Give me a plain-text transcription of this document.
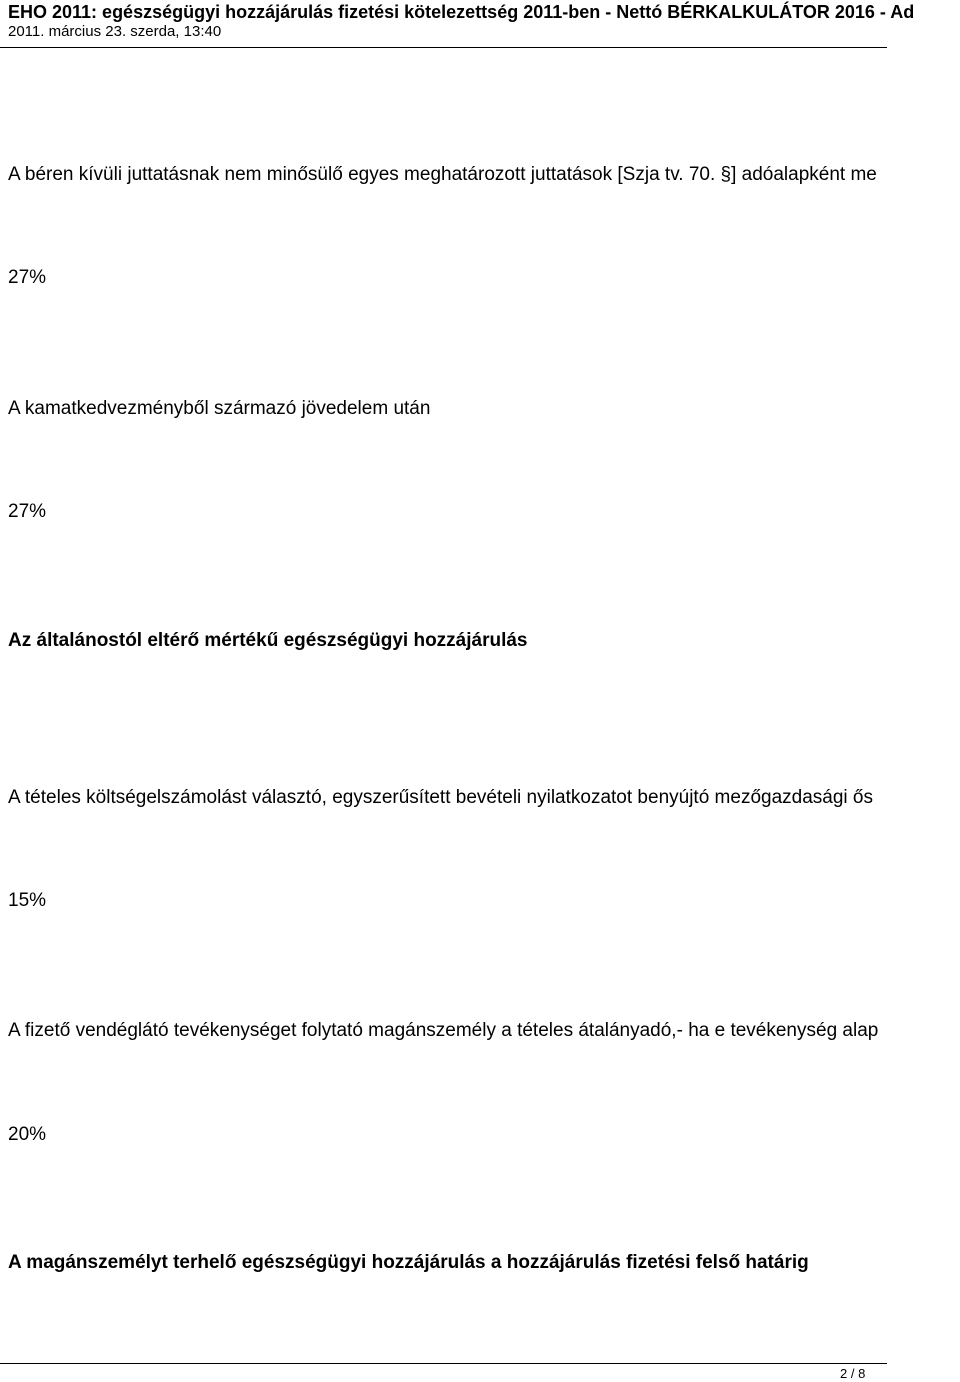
EHO 2011: egészségügyi hozzájárulás fizetési kötelezettség 2011-ben - Nettó BÉRKALKULÁTOR 2016 - Ad
2011. március 23. szerda, 13:40
A béren kívüli juttatásnak nem minősülő egyes meghatározott juttatások [Szja tv. 70. §] adóalapként me
27%
A kamatkedvezményből származó jövedelem után
27%
Az általánostól eltérő mértékű egészségügyi hozzájárulás
A tételes költségelszámolást választó, egyszerűsített bevételi nyilatkozatot benyújtó mezőgazdasági ős
15%
A fizető vendéglátó tevékenységet folytató magánszemély a tételes átalányadó,- ha e tevékenység alap
20%
A magánszemélyt terhelő egészségügyi hozzájárulás a hozzájárulás fizetési felső határig
2 / 8
